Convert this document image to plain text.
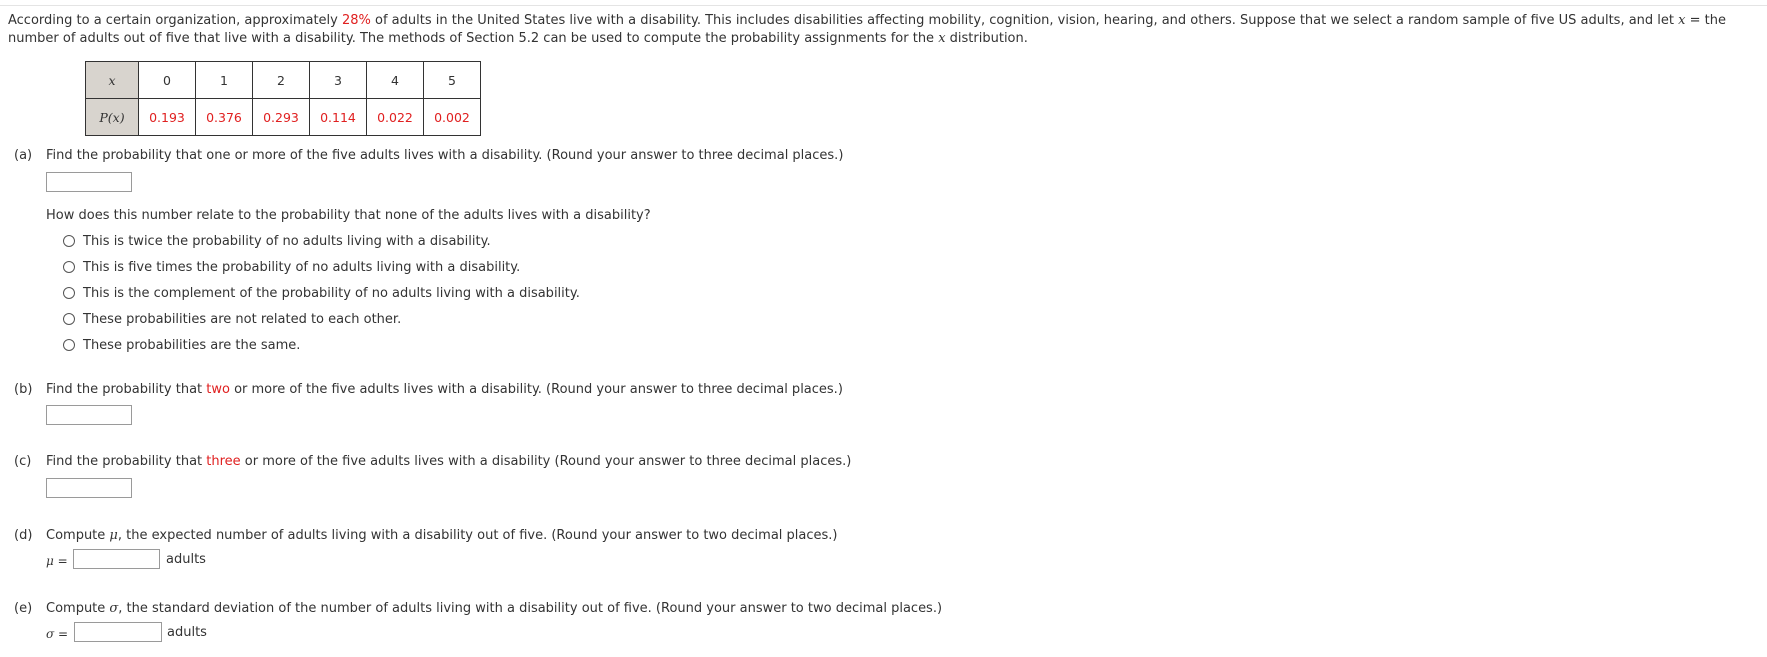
According to a certain organization, approximately 28% of adults in the United States live with a disability. This includes disabilities affecting mobility, cognition, vision, hearing, and others. Suppose that we select a random sample of five US adults, and let x = the number of adults out of five that live with a disability. The methods of Section 5.2 can be used to compute the probability assignments for the x distribution.
x	0	1	2	3	4	5
P(x)	0.193	0.376	0.293	0.114	0.022	0.002
(a) Find the probability that one or more of the five adults lives with a disability. (Round your answer to three decimal places.)
How does this number relate to the probability that none of the adults lives with a disability?
This is twice the probability of no adults living with a disability.
This is five times the probability of no adults living with a disability.
This is the complement of the probability of no adults living with a disability.
These probabilities are not related to each other.
These probabilities are the same.
(b) Find the probability that two or more of the five adults lives with a disability. (Round your answer to three decimal places.)
(c) Find the probability that three or more of the five adults lives with a disability (Round your answer to three decimal places.)
(d) Compute μ, the expected number of adults living with a disability out of five. (Round your answer to two decimal places.)
μ =	adults
(e) Compute σ, the standard deviation of the number of adults living with a disability out of five. (Round your answer to two decimal places.)
σ =	adults
